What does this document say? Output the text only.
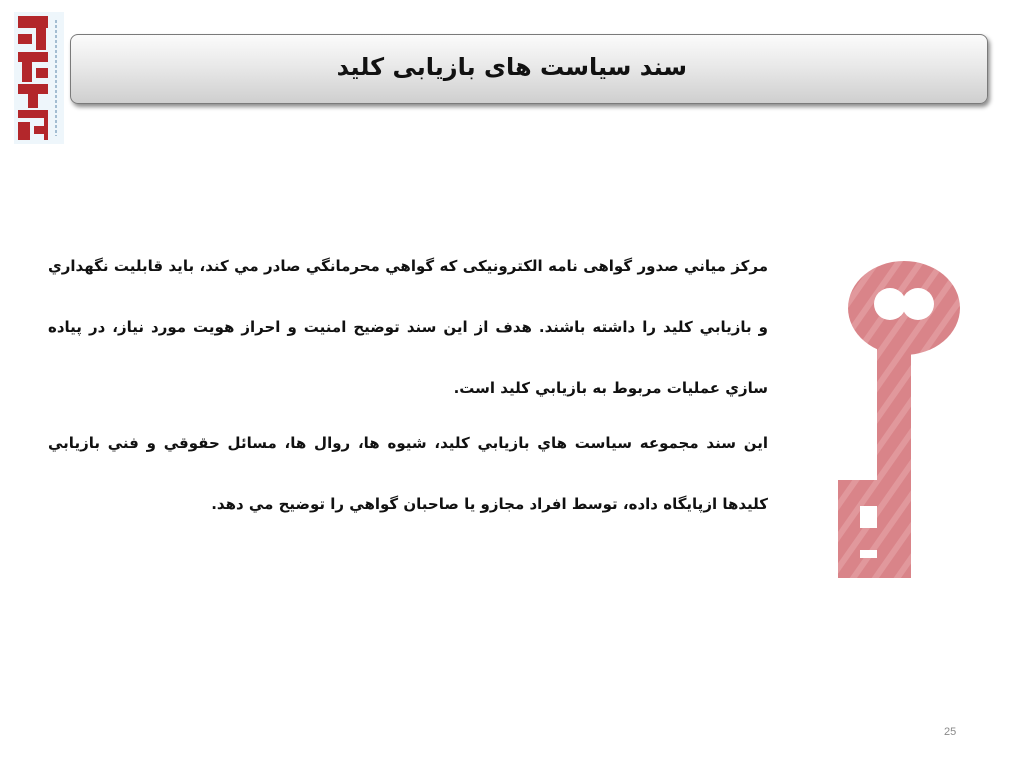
سند سیاست های بازیابی کلید

مركز مياني صدور گواهی نامه الکترونیکی که گواهي محرمانگي صادر مي كند، بايد قابليت نگهداري و بازيابي كليد را داشته باشند. هدف از این سند توضیح امنیت و احراز هویت مورد نیاز، در پیاده سازي عمليات مربوط به بازيابي كليد است.

اين سند مجموعه سياست هاي بازيابي كليد، شيوه ها، روال ها، مسائل حقوقي و فني بازيابي كليدها ازپايگاه داده، توسط افراد مجازو يا صاحبان گواهي را توضيح مي دهد.

25
